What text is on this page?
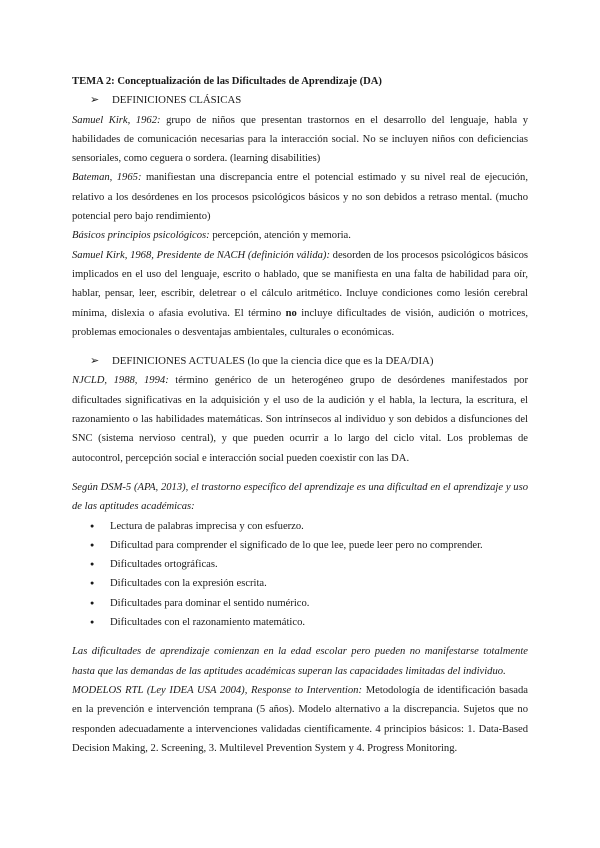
TEMA 2: Conceptualización de las Dificultades de Aprendizaje (DA)

➢ DEFINICIONES CLÁSICAS

Samuel Kirk, 1962: grupo de niños que presentan trastornos en el desarrollo del lenguaje, habla y habilidades de comunicación necesarias para la interacción social. No se incluyen niños con deficiencias sensoriales, como ceguera o sordera. (learning disabilities)

Bateman, 1965: manifiestan una discrepancia entre el potencial estimado y su nivel real de ejecución, relativo a los desórdenes en los procesos psicológicos básicos y no son debidos a retraso mental. (mucho potencial pero bajo rendimiento)

Básicos principios psicológicos: percepción, atención y memoria.

Samuel Kirk, 1968, Presidente de NACH (definición válida): desorden de los procesos psicológicos básicos implicados en el uso del lenguaje, escrito o hablado, que se manifiesta en una falta de habilidad para oír, hablar, pensar, leer, escribir, deletrear o el cálculo aritmético. Incluye condiciones como lesión cerebral mínima, dislexia o afasia evolutiva. El término no incluye dificultades de visión, audición o motrices, problemas emocionales o desventajas ambientales, culturales o económicas.

➢ DEFINICIONES ACTUALES (lo que la ciencia dice que es la DEA/DIA)

NJCLD, 1988, 1994: término genérico de un heterogéneo grupo de desórdenes manifestados por dificultades significativas en la adquisición y el uso de la audición y el habla, la lectura, la escritura, el razonamiento o las habilidades matemáticas. Son intrínsecos al individuo y son debidos a disfunciones del SNC (sistema nervioso central), y que pueden ocurrir a lo largo del ciclo vital. Los problemas de autocontrol, percepción social e interacción social pueden coexistir con las DA.

Según DSM-5 (APA, 2013), el trastorno específico del aprendizaje es una dificultad en el aprendizaje y uso de las aptitudes académicas:

● Lectura de palabras imprecisa y con esfuerzo.
● Dificultad para comprender el significado de lo que lee, puede leer pero no comprender.
● Dificultades ortográficas.
● Dificultades con la expresión escrita.
● Dificultades para dominar el sentido numérico.
● Dificultades con el razonamiento matemático.

Las dificultades de aprendizaje comienzan en la edad escolar pero pueden no manifestarse totalmente hasta que las demandas de las aptitudes académicas superan las capacidades limitadas del individuo.

MODELOS RTL (Ley IDEA USA 2004), Response to Intervention: Metodología de identificación basada en la prevención e intervención temprana (5 años). Modelo alternativo a la discrepancia. Sujetos que no responden adecuadamente a intervenciones validadas científicamente. 4 principios básicos: 1. Data-Based Decision Making, 2. Screening, 3. Multilevel Prevention System y 4. Progress Monitoring.
